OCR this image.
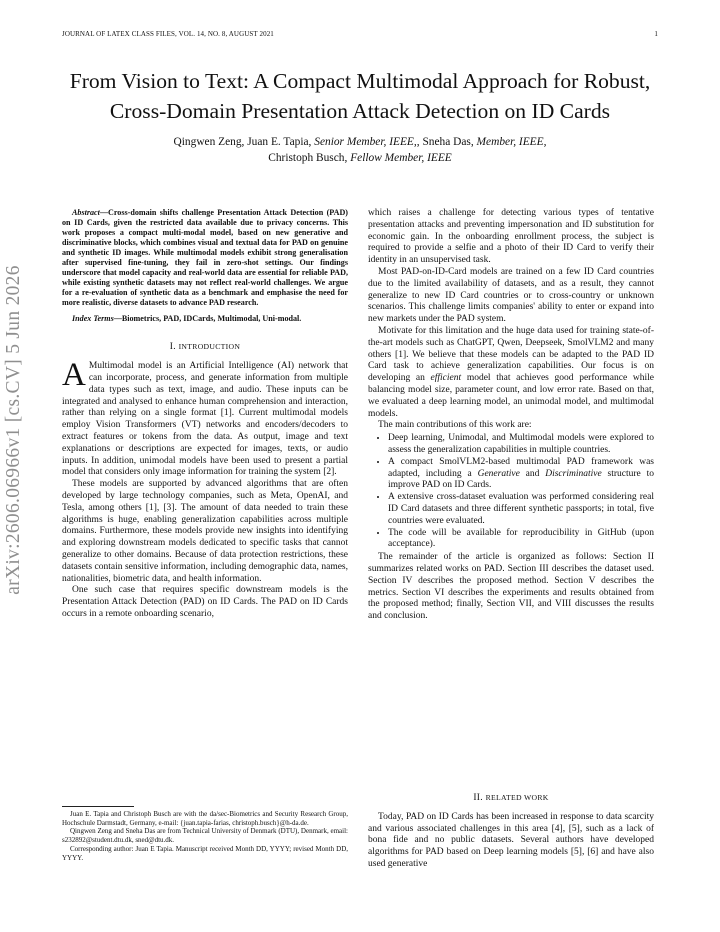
JOURNAL OF LATEX CLASS FILES, VOL. 14, NO. 8, AUGUST 2021	1
arXiv:2606.06966v1 [cs.CV] 5 Jun 2026
From Vision to Text: A Compact Multimodal Approach for Robust, Cross-Domain Presentation Attack Detection on ID Cards
Qingwen Zeng, Juan E. Tapia, Senior Member, IEEE,, Sneha Das, Member, IEEE,
Christoph Busch, Fellow Member, IEEE

Abstract—Cross-domain shifts challenge Presentation Attack Detection (PAD) on ID Cards, given the restricted data available due to privacy concerns. This work proposes a compact multi-modal model, based on new generative and discriminative blocks, which combines visual and textual data for PAD on genuine and synthetic ID images. While multimodal models exhibit strong generalisation after supervised fine-tuning, they fail in zero-shot settings. Our findings underscore that model capacity and real-world data are essential for reliable PAD, while existing synthetic datasets may not reflect real-world challenges. We argue for a re-evaluation of synthetic data as a benchmark and emphasise the need for more realistic, diverse datasets to advance PAD research.

Index Terms—Biometrics, PAD, IDCards, Multimodal, Uni-modal.

I. INTRODUCTION

A Multimodal model is an Artificial Intelligence (AI) network that can incorporate, process, and generate information from multiple data types such as text, image, and audio. These inputs can be integrated and analysed to enhance human comprehension and interaction, rather than relying on a single format [1]. Current multimodal models employ Vision Transformers (VT) networks and encoders/decoders to extract features or tokens from the data. As output, image and text explanations or descriptions are expected for images, texts, or audio inputs. In addition, unimodal models have been used to present a partial model that considers only image information for training the system [2].

These models are supported by advanced algorithms that are often developed by large technology companies, such as Meta, OpenAI, and Tesla, among others [1], [3]. The amount of data needed to train these algorithms is huge, enabling generalization capabilities across multiple domains. Furthermore, these models provide new insights into identifying and exploring downstream models dedicated to specific tasks that cannot generalize to other domains. Because of data protection restrictions, these datasets contain sensitive information, including demographic data, names, nationalities, biometric data, and health information.

One such case that requires specific downstream models is the Presentation Attack Detection (PAD) on ID Cards. The PAD on ID Cards occurs in a remote onboarding scenario,

Juan E. Tapia and Christoph Busch are with the da/sec-Biometrics and Security Research Group, Hochschule Darmstadt, Germany, e-mail: {juan.tapia-farias, christoph.busch}@h-da.de.

Qingwen Zeng and Sneha Das are from Technical University of Denmark (DTU), Denmark, email: s232892@student.dtu.dk, sned@dtu.dk.

Corresponding author: Juan E Tapia. Manuscript received Month DD, YYYY; revised Month DD, YYYY.

which raises a challenge for detecting various types of tentative presentation attacks and preventing impersonation and ID substitution for economic gain. In the onboarding enrollment process, the subject is required to provide a selfie and a photo of their ID Card to verify their identity in an unsupervised task.

Most PAD-on-ID-Card models are trained on a few ID Card countries due to the limited availability of datasets, and as a result, they cannot generalize to new ID Card countries or to cross-country or unknown scenarios. This challenge limits companies' ability to enter or expand into new markets under the PAD system.

Motivate for this limitation and the huge data used for training state-of-the-art models such as ChatGPT, Qwen, Deepseek, SmolVLM2 and many others [1]. We believe that these models can be adapted to the PAD ID Card task to achieve generalization capabilities. Our focus is on developing an efficient model that achieves good performance while balancing model size, parameter count, and low error rate. Based on that, we evaluated a deep learning model, an unimodal model, and multimodal models.

The main contributions of this work are:

• Deep learning, Unimodal, and Multimodal models were explored to assess the generalization capabilities in multiple countries.
• A compact SmolVLM2-based multimodal PAD framework was adapted, including a Generative and Discriminative structure to improve PAD on ID Cards.
• A extensive cross-dataset evaluation was performed considering real ID Card datasets and three different synthetic passports; in total, five countries were evaluated.
• The code will be available for reproducibility in GitHub (upon acceptance).

The remainder of the article is organized as follows: Section II summarizes related works on PAD. Section III describes the dataset used. Section IV describes the proposed method. Section V describes the metrics. Section VI describes the experiments and results obtained from the proposed method; finally, Section VII, and VIII discusses the results and conclusion.

II. RELATED WORK

Today, PAD on ID Cards has been increased in response to data scarcity and various associated challenges in this area [4], [5], such as a lack of bona fide and no public datasets. Several authors have developed algorithms for PAD based on Deep learning models [5], [6] and have also used generative
